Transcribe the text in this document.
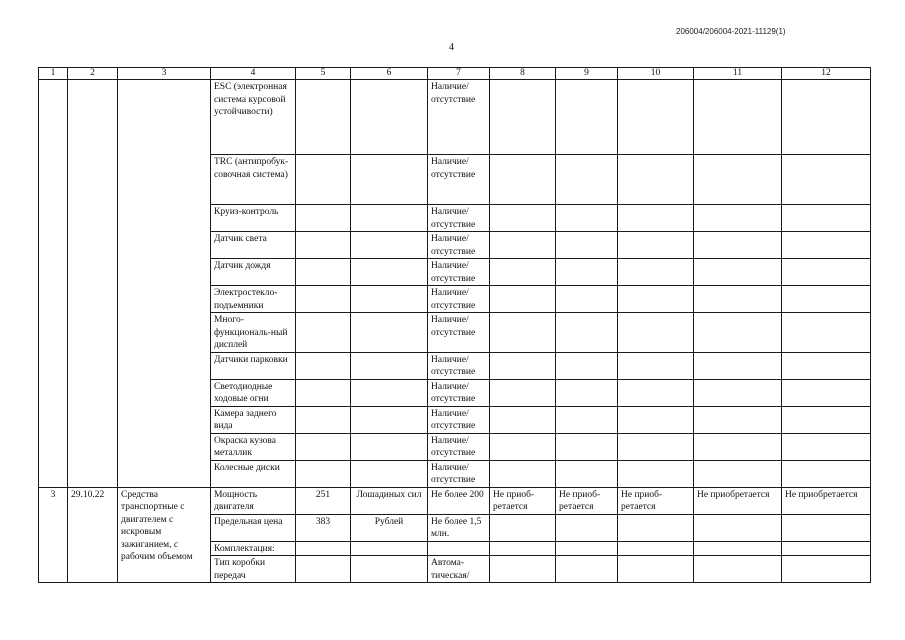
206004/206004-2021-11129(1)
4
1	2	3	4	5	6	7	8	9	10	11	12
			ESC (электронная система курсовой устойчивости)			Наличие/ отсутствие					
			TRC (антипробук-совочная система)			Наличие/ отсутствие					
			Круиз-контроль			Наличие/ отсутствие					
			Датчик света			Наличие/ отсутствие					
			Датчик дождя			Наличие/ отсутствие					
			Электростекло-подъемники			Наличие/ отсутствие					
			Много-функциональ-ный дисплей			Наличие/ отсутствие					
			Датчики парковки			Наличие/ отсутствие					
			Светодиодные ходовые огни			Наличие/ отсутствие					
			Камера заднего вида			Наличие/ отсутствие					
			Окраска кузова металлик			Наличие/ отсутствие					
			Колесные диски			Наличие/ отсутствие					
3	29.10.22	Средства транспортные с двигателем с искровым зажиганием, с рабочим объемом	Мощность двигателя	251	Лошадиных сил	Не более 200	Не приоб-ретается	Не приоб-ретается	Не приоб-ретается	Не приобретается	Не приобретается
			Предельная цена	383	Рублей	Не более 1,5 млн.					
			Комплектация:								
			Тип коробки передач			Автома-тическая/					
